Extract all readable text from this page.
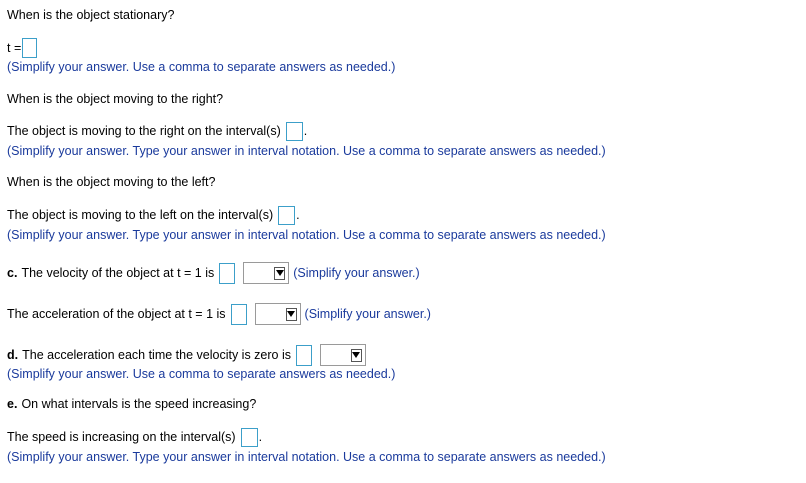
When is the object stationary?
t =
(Simplify your answer. Use a comma to separate answers as needed.)
When is the object moving to the right?
The object is moving to the right on the interval(s) .
(Simplify your answer. Type your answer in interval notation. Use a comma to separate answers as needed.)
When is the object moving to the left?
The object is moving to the left on the interval(s) .
(Simplify your answer. Type your answer in interval notation. Use a comma to separate answers as needed.)
c. The velocity of the object at t = 1 is	(Simplify your answer.)
The acceleration of the object at t = 1 is	(Simplify your answer.)
d. The acceleration each time the velocity is zero is
(Simplify your answer. Use a comma to separate answers as needed.)
e. On what intervals is the speed increasing?
The speed is increasing on the interval(s) .
(Simplify your answer. Type your answer in interval notation. Use a comma to separate answers as needed.)
